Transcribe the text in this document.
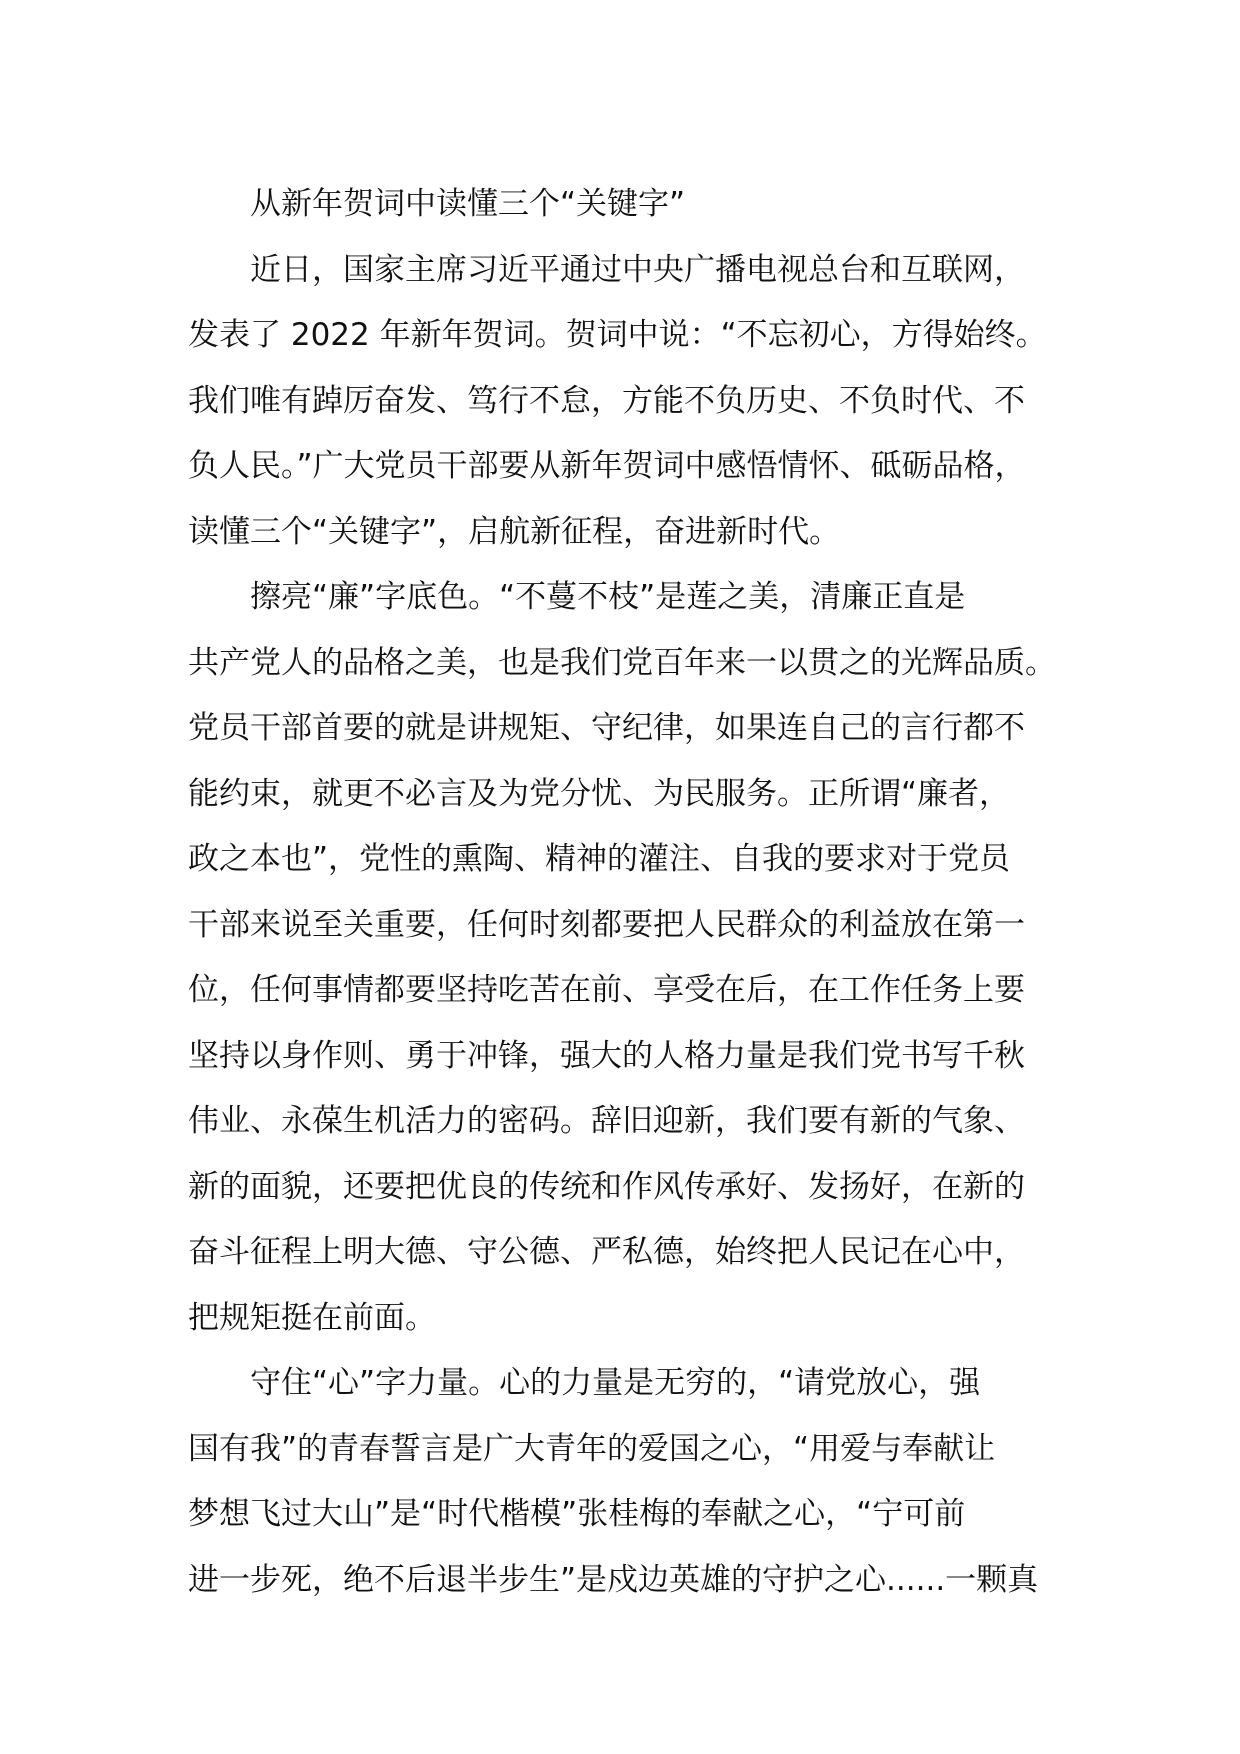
从新年贺词中读懂三个“关键字”
近日，国家主席习近平通过中央广播电视总台和互联网，
发表了 2022 年新年贺词。贺词中说：“不忘初心，方得始终。
我们唯有踔厉奋发、笃行不怠，方能不负历史、不负时代、不
负人民。”广大党员干部要从新年贺词中感悟情怀、砥砺品格，
读懂三个“关键字”，启航新征程，奋进新时代。
擦亮“廉”字底色。“不蔓不枝”是莲之美，清廉正直是
共产党人的品格之美，也是我们党百年来一以贯之的光辉品质。
党员干部首要的就是讲规矩、守纪律，如果连自己的言行都不
能约束，就更不必言及为党分忧、为民服务。正所谓“廉者，
政之本也”，党性的熏陶、精神的灌注、自我的要求对于党员
干部来说至关重要，任何时刻都要把人民群众的利益放在第一
位，任何事情都要坚持吃苦在前、享受在后，在工作任务上要
坚持以身作则、勇于冲锋，强大的人格力量是我们党书写千秋
伟业、永葆生机活力的密码。辞旧迎新，我们要有新的气象、
新的面貌，还要把优良的传统和作风传承好、发扬好，在新的
奋斗征程上明大德、守公德、严私德，始终把人民记在心中，
把规矩挺在前面。
守住“心”字力量。心的力量是无穷的，“请党放心，强
国有我”的青春誓言是广大青年的爱国之心，“用爱与奉献让
梦想飞过大山”是“时代楷模”张桂梅的奉献之心，“宁可前
进一步死，绝不后退半步生”是戍边英雄的守护之心......一颗真
